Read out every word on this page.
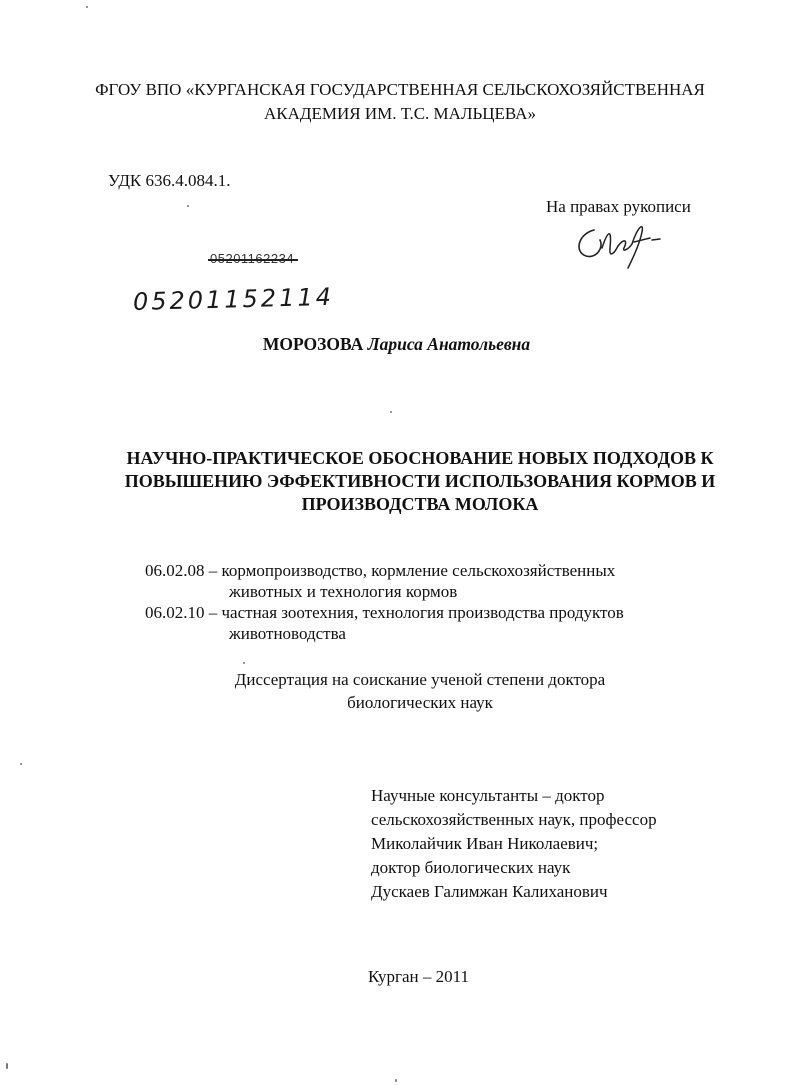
ФГОУ ВПО «КУРГАНСКАЯ ГОСУДАРСТВЕННАЯ СЕЛЬСКОХОЗЯЙСТВЕННАЯ
АКАДЕМИЯ ИМ. Т.С. МАЛЬЦЕВА»
УДК 636.4.084.1.
На правах рукописи
05201152114
МОРОЗОВА Лариса Анатольевна
НАУЧНО-ПРАКТИЧЕСКОЕ ОБОСНОВАНИЕ НОВЫХ ПОДХОДОВ К
ПОВЫШЕНИЮ ЭФФЕКТИВНОСТИ ИСПОЛЬЗОВАНИЯ КОРМОВ И
ПРОИЗВОДСТВА МОЛОКА
06.02.08 – кормопроизводство, кормление сельскохозяйственных
животных и технология кормов
06.02.10 – частная зоотехния, технология производства продуктов
животноводства
Диссертация на соискание ученой степени доктора
биологических наук
Научные консультанты – доктор
сельскохозяйственных наук, профессор
Миколайчик Иван Николаевич;
доктор биологических наук
Дускаев Галимжан Калиханович
Курган – 2011
